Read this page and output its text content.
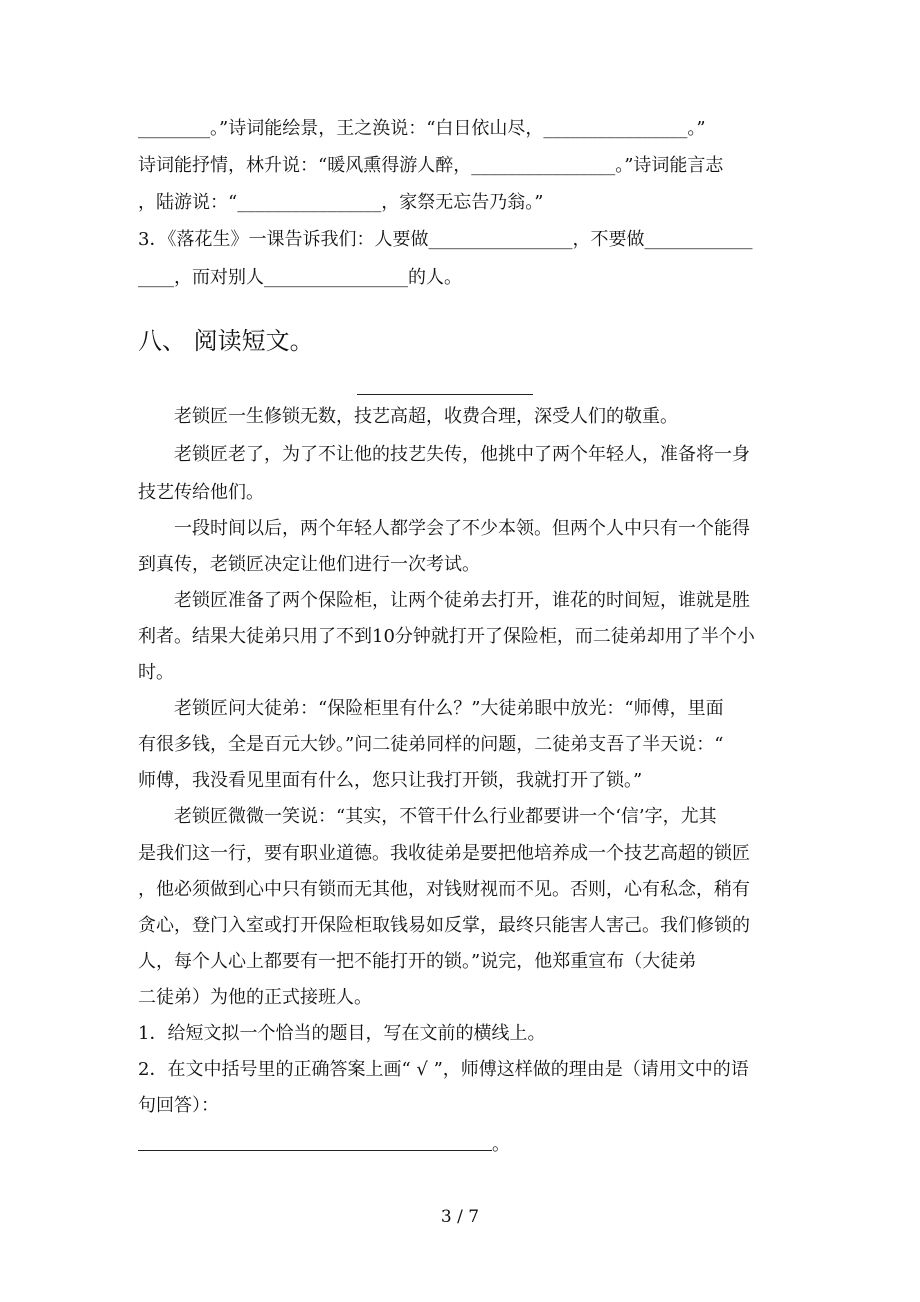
________。”诗词能绘景，王之涣说：“白日依山尽，________________。”
诗词能抒情，林升说：“暖风熏得游人醉，________________。”诗词能言志
，陆游说：“________________，家祭无忘告乃翁。”
3．《落花生》一课告诉我们：人要做________________，不要做____________
____，而对别人________________的人。
八、 阅读短文。
老锁匠一生修锁无数，技艺高超，收费合理，深受人们的敬重。
老锁匠老了，为了不让他的技艺失传，他挑中了两个年轻人，准备将一身
技艺传给他们。
一段时间以后，两个年轻人都学会了不少本领。但两个人中只有一个能得
到真传，老锁匠决定让他们进行一次考试。
老锁匠准备了两个保险柜，让两个徒弟去打开，谁花的时间短，谁就是胜
利者。结果大徒弟只用了不到10分钟就打开了保险柜，而二徒弟却用了半个小
时。
老锁匠问大徒弟：“保险柜里有什么？”大徒弟眼中放光：“师傅，里面
有很多钱，全是百元大钞。”问二徒弟同样的问题，二徒弟支吾了半天说：“
师傅，我没看见里面有什么，您只让我打开锁，我就打开了锁。”
老锁匠微微一笑说：“其实，不管干什么行业都要讲一个‘信’字，尤其
是我们这一行，要有职业道德。我收徒弟是要把他培养成一个技艺高超的锁匠
，他必须做到心中只有锁而无其他，对钱财视而不见。否则，心有私念，稍有
贪心，登门入室或打开保险柜取钱易如反掌，最终只能害人害己。我们修锁的
人，每个人心上都要有一把不能打开的锁。”说完，他郑重宣布（大徒弟
二徒弟）为他的正式接班人。
1．给短文拟一个恰当的题目，写在文前的横线上。
2．在文中括号里的正确答案上画“ √ ”，师傅这样做的理由是（请用文中的语
句回答）：
。
3 / 7
